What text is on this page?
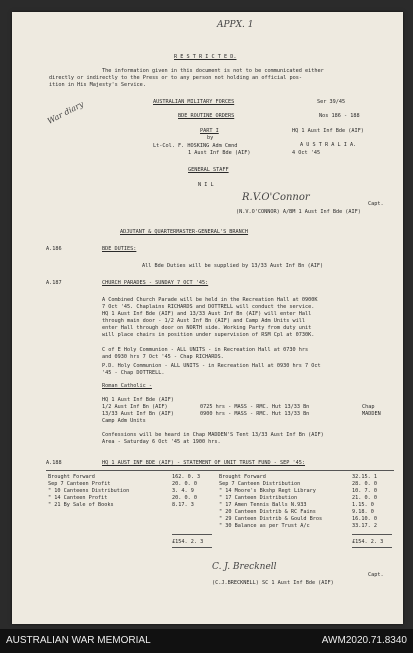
APPX. 1
War diary
R E S T R I C T E D.
The information given in this document is not to be communicated either
directly or indirectly to the Press or to any person not holding an official pos-
ition in His Majesty's Service.
AUSTRALIAN MILITARY FORCES	Ser 39/45
BDE ROUTINE ORDERS	Nos 186 - 188
PART I	HQ 1 Aust Inf Bde (AIF)
by
Lt-Col. F. HOSKING Adm Cmnd	A U S T R A L I A.
1 Aust Inf Bde (AIF)	4 Oct '45
GENERAL STAFF
N I L
R.V.O'Connor
Capt.
(N.V.O'CONNOR) A/BM 1 Aust Inf Bde (AIF)
ADJUTANT & QUARTERMASTER-GENERAL'S BRANCH
A.186	BDE DUTIES:
All Bde Duties will be supplied by 13/33 Aust Inf Bn (AIF)
A.187	CHURCH PARADES - SUNDAY 7 OCT '45:
A Combined Church Parade will be held in the Recreation Hall at 0900K
7 Oct '45. Chaplains RICHARDS and DOTTRELL will conduct the service.
HQ 1 Aust Inf Bde (AIF) and 13/33 Aust Inf Bn (AIF) will enter Hall
through main door - 1/2 Aust Inf Bn (AIF) and Camp Adm Units will
enter Hall through door on NORTH side. Working Party from duty unit
will place chairs in position under supervision of RSM Cpl at 0730K.
C of E Holy Communion - ALL UNITS - in Recreation Hall at 0730 hrs
and 0930 hrs 7 Oct '45 - Chap RICHARDS.
P.D. Holy Communion - ALL UNITS - in Recreation Hall at 0930 hrs 7 Oct
'45 - Chap DOTTRELL.
Roman Catholic -
HQ 1 Aust Inf Bde (AIF)
1/2 Aust Inf Bn (AIF)
13/33 Aust Inf Bn (AIF)
Camp Adm Units
0725 hrs - MASS - RMC. Hut 13/33 Bn
0900 hrs - MASS - RMC. Hut 13/33 Bn
Chap
MADDEN
Confessions will be heard in Chap MADDEN'S Tent 13/33 Aust Inf Bn (AIF)
Area - Saturday 6 Oct '45 at 1900 hrs.
A.188	HQ 1 AUST INF BDE (AIF) - STATEMENT OF UNIT TRUST FUND - SEP '45:
Brought Forward	162. 0. 3
Sep 7 Canteen Profit	20. 0. 0
" 10 Canteens Distribution	3. 4. 9
" 14 Canteen Profit	20. 0. 0
" 21 By Sale of Books	8.17. 3
Brought Forward	32.15. 1
Sep 7 Canteen Distribution	28. 0. 0
" 14 Moore's Bkshp Regt Library	10. 7. 0
" 17 Canteen Distribution	21. 0. 0
" 17 Amen Tennis Balls N.933	1.15. 0
" 20 Canteen Distrib & RC Fains	9.18. 0
" 29 Canteen Distrib & Gould Bros	16.10. 0
" 30 Balance as per Trust A/c	33.17. 2
£154. 2. 3	£154. 2. 3
C. J. Brecknell
Capt.
(C.J.BRECKNELL) SC 1 Aust Inf Bde (AIF)
AUSTRALIAN WAR MEMORIAL	AWM2020.71.8340
